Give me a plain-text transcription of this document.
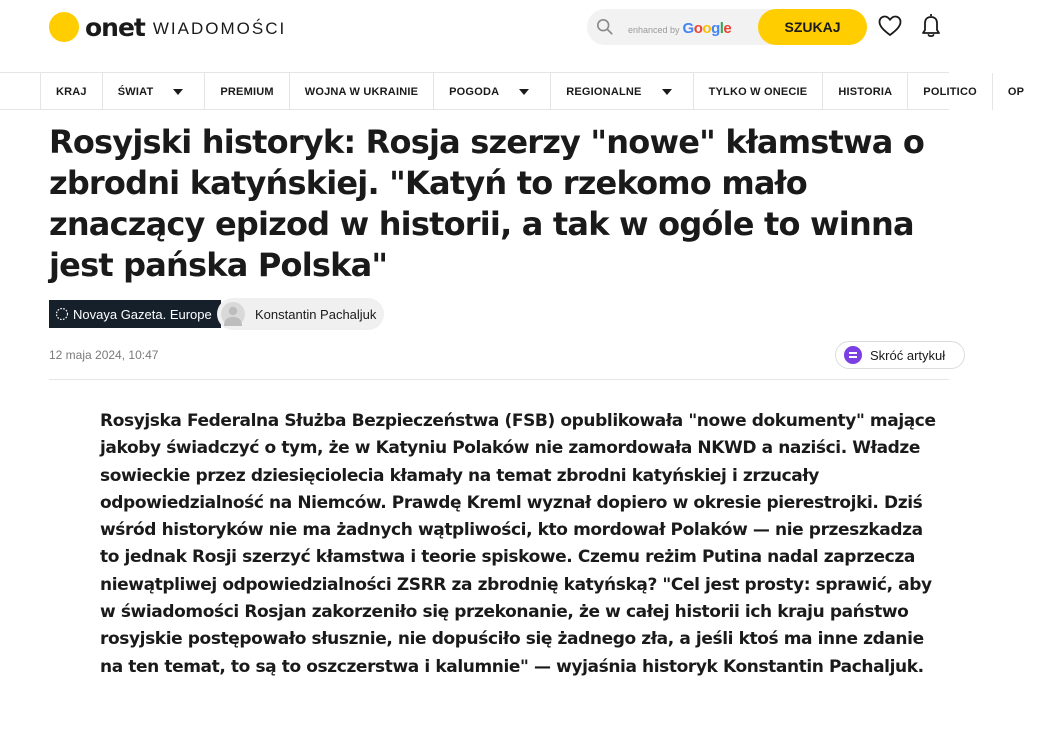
onet WIADOMOŚCI	enhanced by Google	SZUKAJ
KRAJ	ŚWIAT	PREMIUM	WOJNA W UKRAINIE	POGODA	REGIONALNE	TYLKO W ONECIE	HISTORIA	POLITICO	OP
Rosyjski historyk: Rosja szerzy "nowe" kłamstwa o zbrodni katyńskiej. "Katyń to rzekomo mało znaczący epizod w historii, a tak w ogóle to winna jest pańska Polska"
Novaya Gazeta. Europe	Konstantin Pachaljuk
12 maja 2024, 10:47	Skróć artykuł

Rosyjska Federalna Służba Bezpieczeństwa (FSB) opublikowała "nowe dokumenty" mające jakoby świadczyć o tym, że w Katyniu Polaków nie zamordowała NKWD a naziści. Władze sowieckie przez dziesięciolecia kłamały na temat zbrodni katyńskiej i zrzucały odpowiedzialność na Niemców. Prawdę Kreml wyznał dopiero w okresie pierestrojki. Dziś wśród historyków nie ma żadnych wątpliwości, kto mordował Polaków — nie przeszkadza to jednak Rosji szerzyć kłamstwa i teorie spiskowe. Czemu reżim Putina nadal zaprzecza niewątpliwej odpowiedzialności ZSRR za zbrodnię katyńską? "Cel jest prosty: sprawić, aby w świadomości Rosjan zakorzeniło się przekonanie, że w całej historii ich kraju państwo rosyjskie postępowało słusznie, nie dopuściło się żadnego zła, a jeśli ktoś ma inne zdanie na ten temat, to są to oszczerstwa i kalumnie" — wyjaśnia historyk Konstantin Pachaljuk.
